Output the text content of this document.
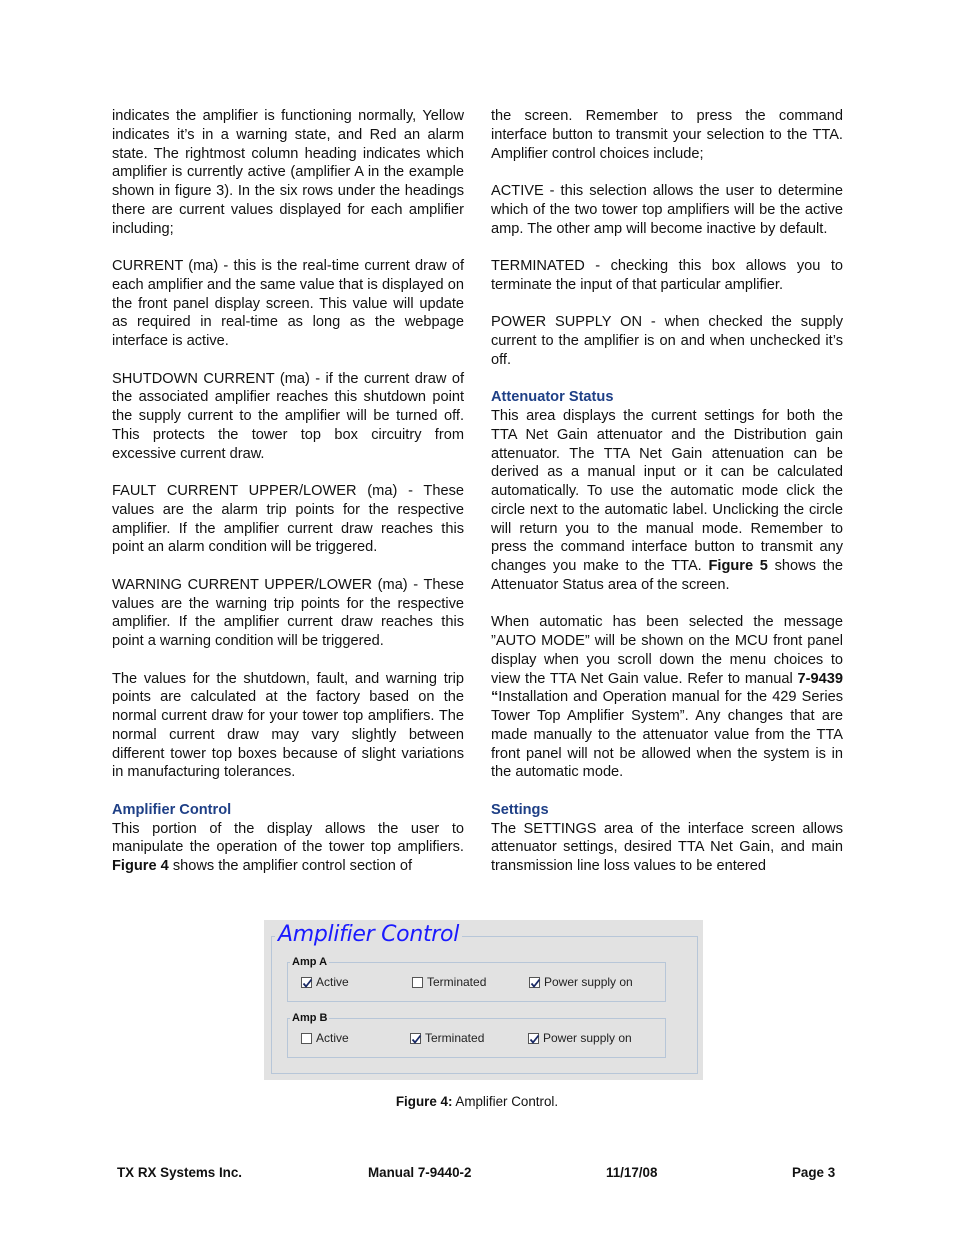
indicates the amplifier is functioning normally, Yellow indicates it’s in a warning state, and Red an alarm state. The rightmost column heading indicates which amplifier is currently active (amplifier A in the example shown in figure 3). In the six rows under the headings there are current values displayed for each amplifier including;

CURRENT (ma) - this is the real-time current draw of each amplifier and the same value that is displayed on the front panel display screen. This value will update as required in real-time as long as the webpage interface is active.

SHUTDOWN CURRENT (ma) - if the current draw of the associated amplifier reaches this shutdown point the supply current to the amplifier will be turned off. This protects the tower top box circuitry from excessive current draw.

FAULT CURRENT UPPER/LOWER (ma) - These values are the alarm trip points for the respective amplifier. If the amplifier current draw reaches this point an alarm condition will be triggered.

WARNING CURRENT UPPER/LOWER (ma) - These values are the warning trip points for the respective amplifier. If the amplifier current draw reaches this point a warning condition will be triggered.

The values for the shutdown, fault, and warning trip points are calculated at the factory based on the normal current draw for your tower top amplifiers. The normal current draw may vary slightly between different tower top boxes because of slight variations in manufacturing tolerances.

Amplifier Control

This portion of the display allows the user to manipulate the operation of the tower top amplifiers. Figure 4 shows the amplifier control section of

the screen. Remember to press the command interface button to transmit your selection to the TTA. Amplifier control choices include;

ACTIVE - this selection allows the user to determine which of the two tower top amplifiers will be the active amp. The other amp will become inactive by default.

TERMINATED - checking this box allows you to terminate the input of that particular amplifier.

POWER SUPPLY ON - when checked the supply current to the amplifier is on and when unchecked it’s off.

Attenuator Status

This area displays the current settings for both the TTA Net Gain attenuator and the Distribution gain attenuator. The TTA Net Gain attenuation can be derived as a manual input or it can be calculated automatically. To use the automatic mode click the circle next to the automatic label. Unclicking the circle will return you to the manual mode. Remember to press the command interface button to transmit any changes you make to the TTA. Figure 5 shows the Attenuator Status area of the screen.

When automatic has been selected the message ”AUTO MODE” will be shown on the MCU front panel display when you scroll down the menu choices to view the TTA Net Gain value. Refer to manual 7-9439 “Installation and Operation manual for the 429 Series Tower Top Amplifier System”. Any changes that are made manually to the attenuator value from the TTA front panel will not be allowed when the system is in the automatic mode.

Settings

The SETTINGS area of the interface screen allows attenuator settings, desired TTA Net Gain, and main transmission line loss values to be entered

Amplifier Control
Amp A
Active	Terminated	Power supply on
Amp B
Active	Terminated	Power supply on
Figure 4: Amplifier Control.
TX RX Systems Inc.	Manual 7-9440-2	11/17/08	Page 3
